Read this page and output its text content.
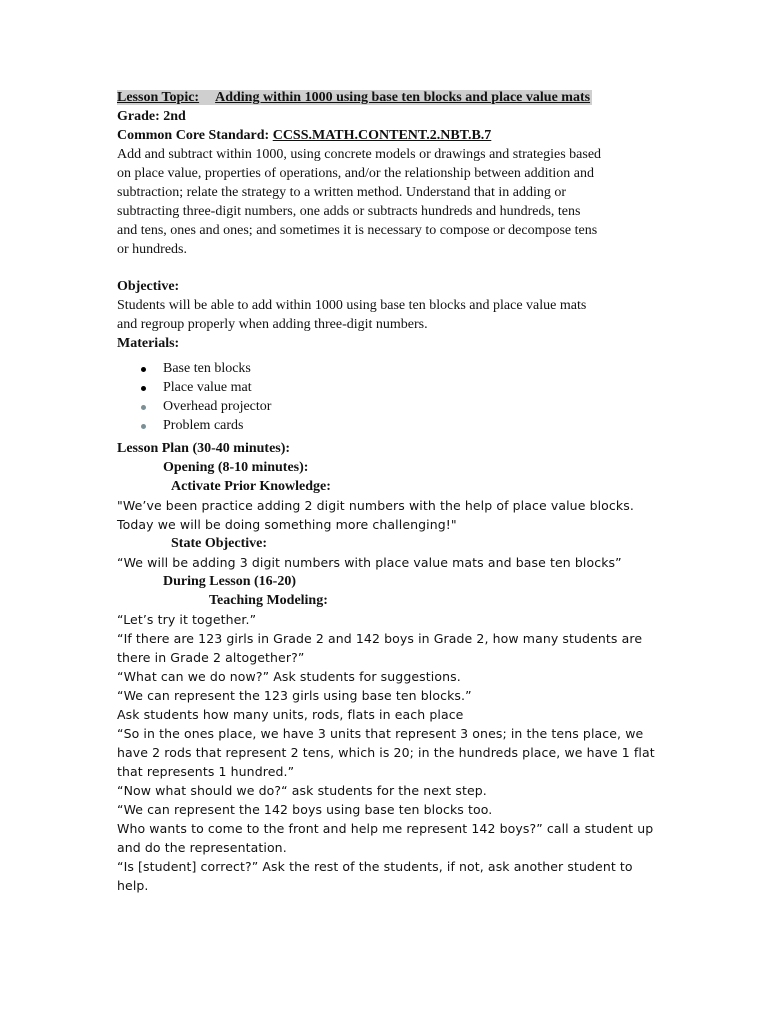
Lesson Topic: Adding within 1000 using base ten blocks and place value mats
Grade: 2nd
Common Core Standard: CCSS.MATH.CONTENT.2.NBT.B.7
Add and subtract within 1000, using concrete models or drawings and strategies based
on place value, properties of operations, and/or the relationship between addition and
subtraction; relate the strategy to a written method. Understand that in adding or
subtracting three-digit numbers, one adds or subtracts hundreds and hundreds, tens
and tens, ones and ones; and sometimes it is necessary to compose or decompose tens
or hundreds.
Objective:
Students will be able to add within 1000 using base ten blocks and place value mats
and regroup properly when adding three-digit numbers.
Materials:
Base ten blocks
Place value mat
Overhead projector
Problem cards
Lesson Plan (30-40 minutes):
Opening (8-10 minutes):
Activate Prior Knowledge:
"We’ve been practice adding 2 digit numbers with the help of place value blocks.
Today we will be doing something more challenging!"
State Objective:
“We will be adding 3 digit numbers with place value mats and base ten blocks”
During Lesson (16-20)
Teaching Modeling:
“Let’s try it together.”
“If there are 123 girls in Grade 2 and 142 boys in Grade 2, how many students are
there in Grade 2 altogether?”
“What can we do now?” Ask students for suggestions.
“We can represent the 123 girls using base ten blocks.”
Ask students how many units, rods, flats in each place
“So in the ones place, we have 3 units that represent 3 ones; in the tens place, we
have 2 rods that represent 2 tens, which is 20; in the hundreds place, we have 1 flat
that represents 1 hundred.”
“Now what should we do?“ ask students for the next step.
“We can represent the 142 boys using base ten blocks too.
Who wants to come to the front and help me represent 142 boys?” call a student up
and do the representation.
“Is [student] correct?” Ask the rest of the students, if not, ask another student to
help.
